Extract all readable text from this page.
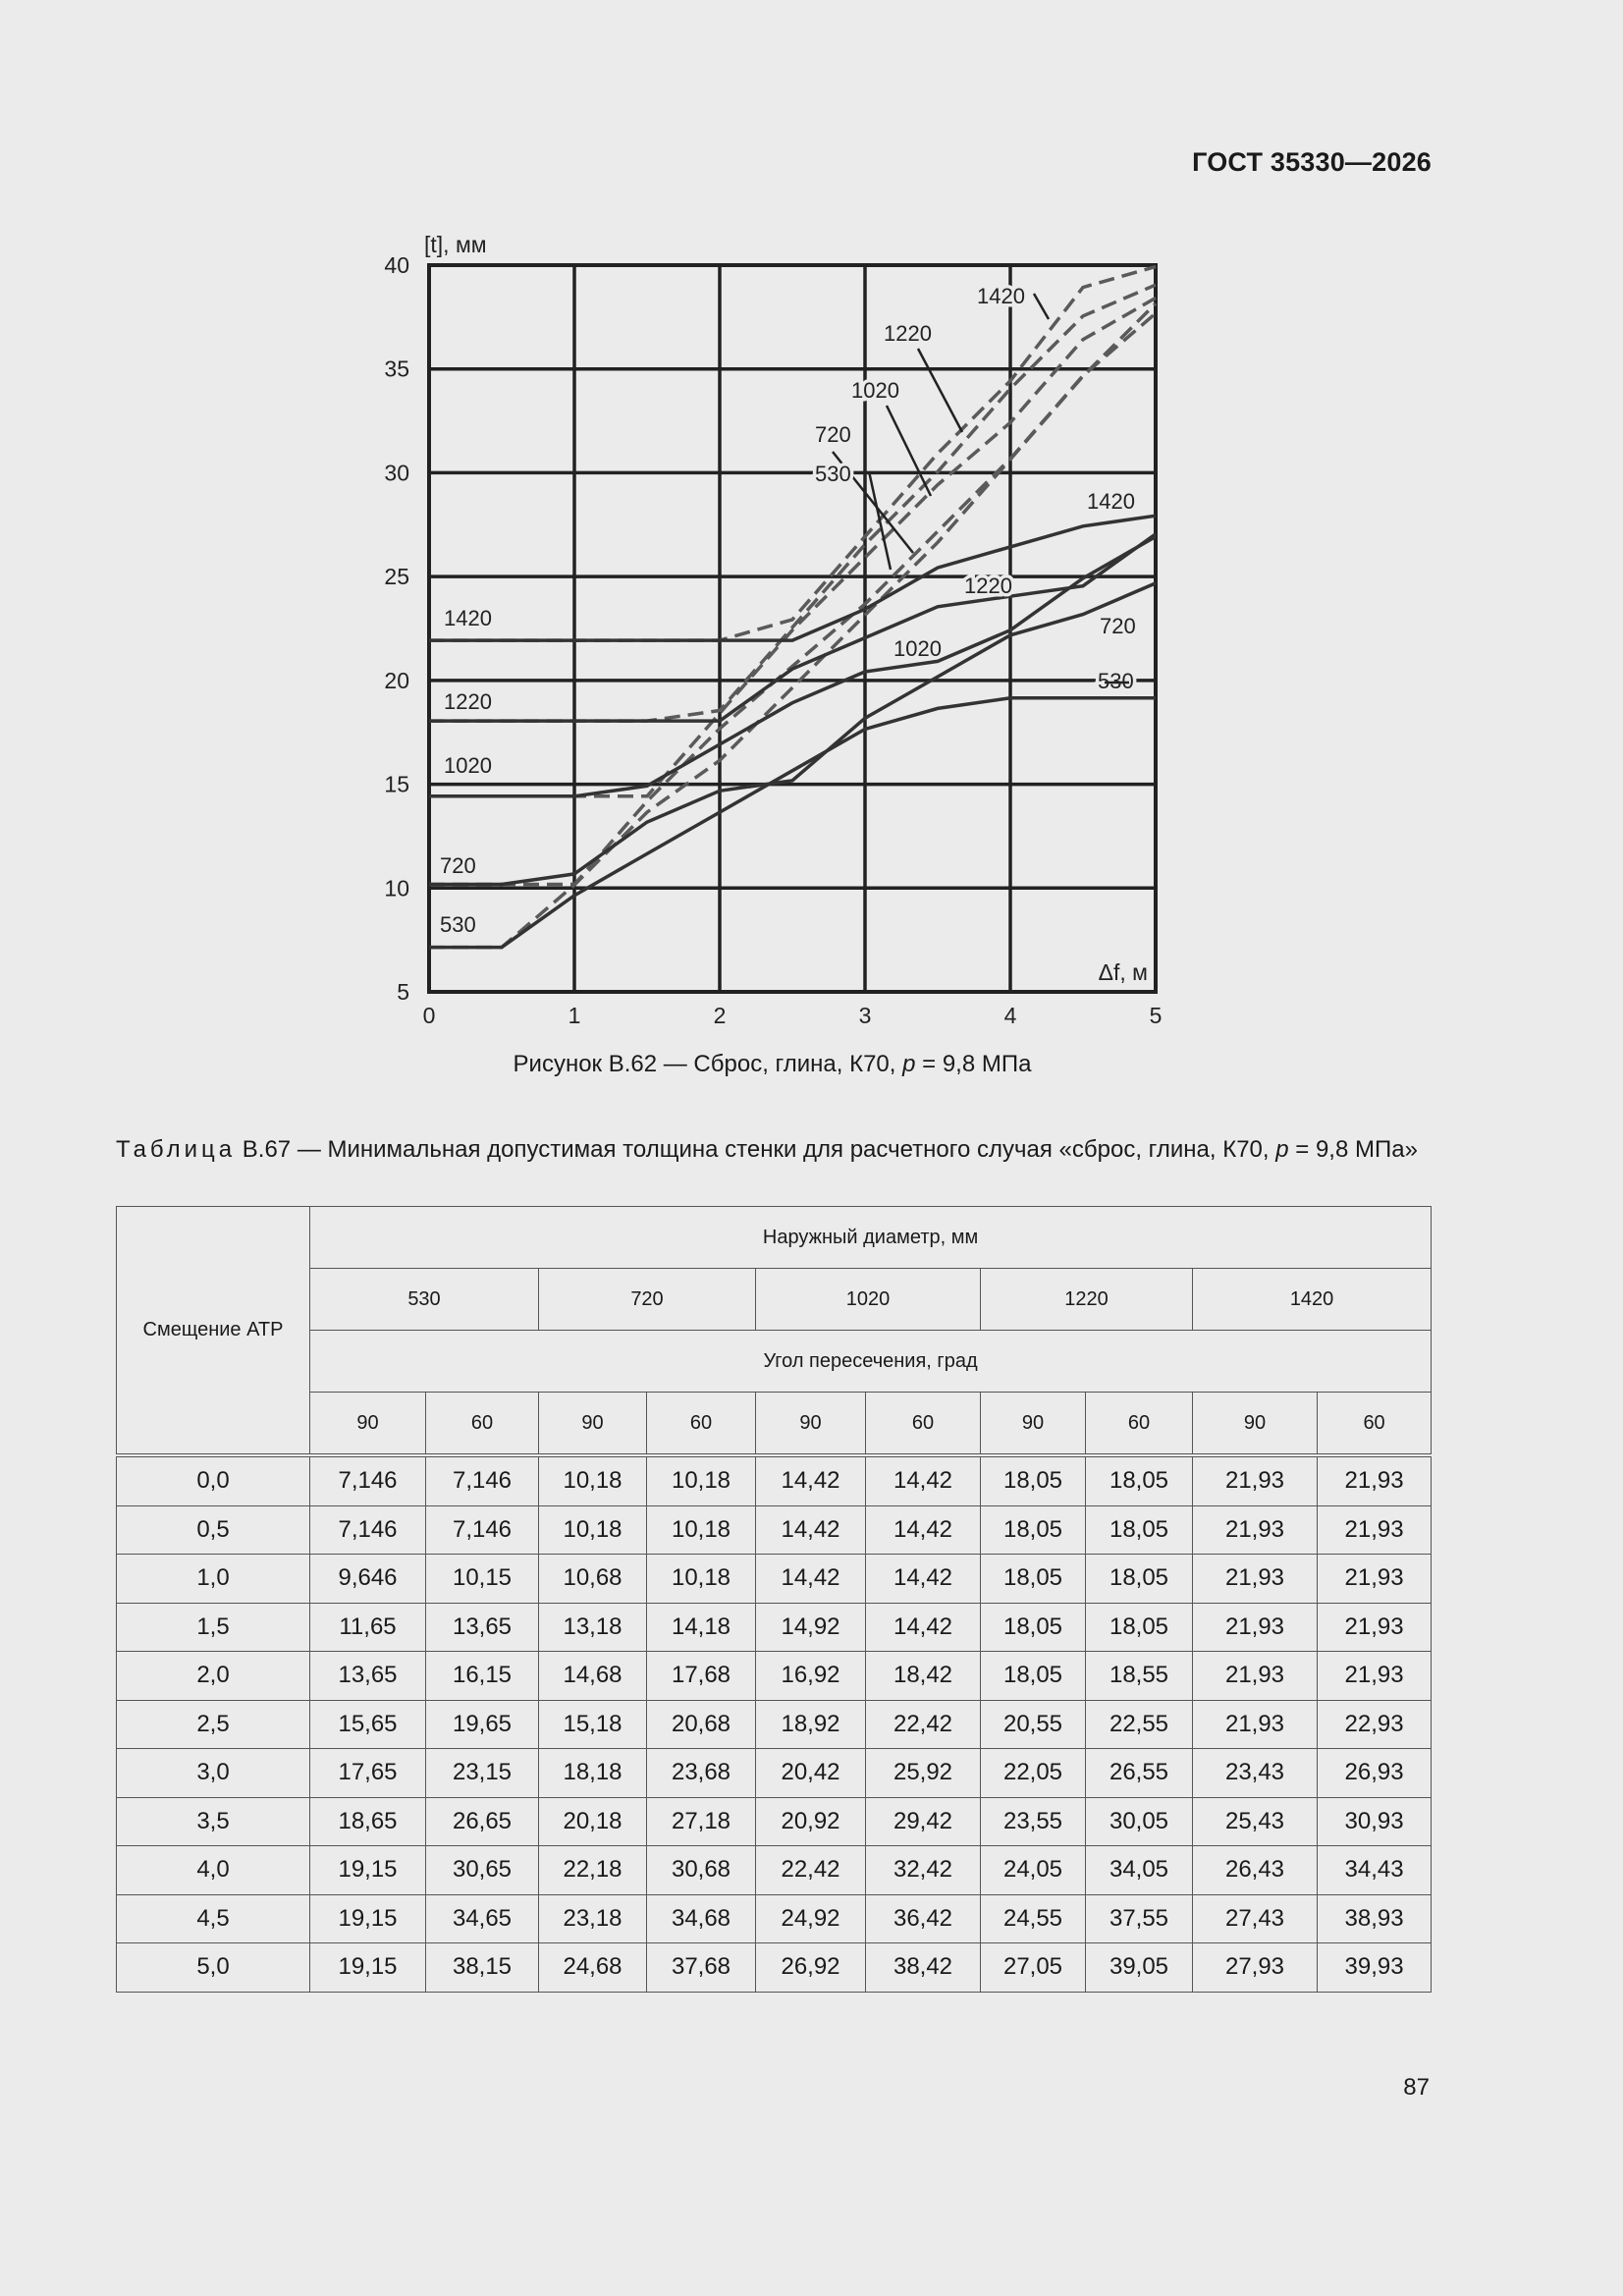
ГОСТ 35330—2026
0	1	2	3	4	5
5
10
15
20
25
30
35
40
[t], мм
Δf, м
1420
1220
1020
720
530
1420
1220
1020
720
530
1420
1220
1020
720
530
Рисунок В.62 — Сброс, глина, К70, p = 9,8 МПа
Таблица В.67 — Минимальная допустимая толщина стенки для расчетного случая «сброс, глина, К70, p = 9,8 МПа»
Смещение АТР	Наружный диаметр, мм									
	530		720		1020		1220		1420	
	Угол пересечения, град									
	90	60	90	60	90	60	90	60	90	60
0,0	7,146	7,146	10,18	10,18	14,42	14,42	18,05	18,05	21,93	21,93
0,5	7,146	7,146	10,18	10,18	14,42	14,42	18,05	18,05	21,93	21,93
1,0	9,646	10,15	10,68	10,18	14,42	14,42	18,05	18,05	21,93	21,93
1,5	11,65	13,65	13,18	14,18	14,92	14,42	18,05	18,05	21,93	21,93
2,0	13,65	16,15	14,68	17,68	16,92	18,42	18,05	18,55	21,93	21,93
2,5	15,65	19,65	15,18	20,68	18,92	22,42	20,55	22,55	21,93	22,93
3,0	17,65	23,15	18,18	23,68	20,42	25,92	22,05	26,55	23,43	26,93
3,5	18,65	26,65	20,18	27,18	20,92	29,42	23,55	30,05	25,43	30,93
4,0	19,15	30,65	22,18	30,68	22,42	32,42	24,05	34,05	26,43	34,43
4,5	19,15	34,65	23,18	34,68	24,92	36,42	24,55	37,55	27,43	38,93
5,0	19,15	38,15	24,68	37,68	26,92	38,42	27,05	39,05	27,93	39,93
87
